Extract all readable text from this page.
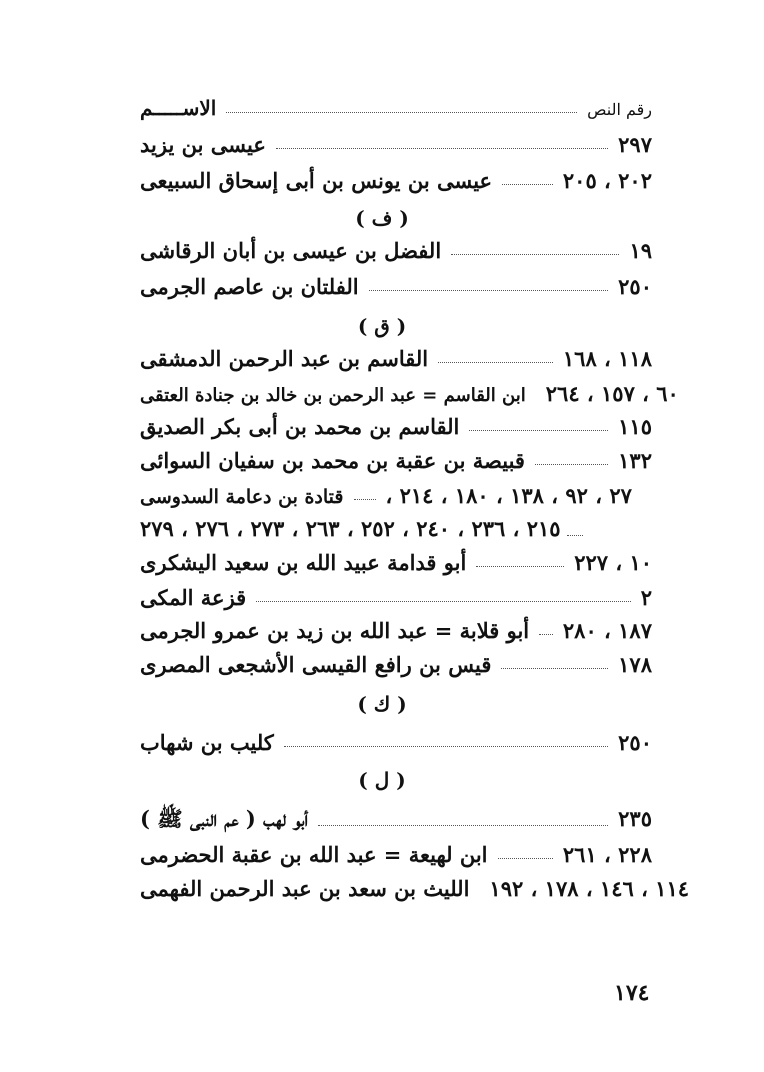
الاســـــم	رقم النص
عيسى بن يزيد	٢٩٧
عيسى بن يونس بن أبى إسحاق السبيعى	٢٠٢ ، ٢٠٥
( ف )
الفضل بن عيسى بن أبان الرقاشى	١٩
الفلتان بن عاصم الجرمى	٢٥٠
( ق )
القاسم بن عبد الرحمن الدمشقى	١١٨ ، ١٦٨
ابن القاسم = عبد الرحمن بن خالد بن جنادة العتقى ٦٠ ، ١٥٧ ، ٢٦٤
القاسم بن محمد بن أبى بكر الصديق	١١٥
قبيصة بن عقبة بن محمد بن سفيان السوائى	١٣٢
قتادة بن دعامة السدوسى ٢٧ ، ٩٢ ، ١٣٨ ، ١٨٠ ، ٢١٤ ،
٢١٥ ، ٢٣٦ ، ٢٤٠ ، ٢٥٢ ، ٢٦٣ ، ٢٧٣ ، ٢٧٦ ، ٢٧٩
أبو قدامة عبيد الله بن سعيد اليشكرى	١٠ ، ٢٢٧
قزعة المكى	٢
أبو قلابة = عبد الله بن زيد بن عمرو الجرمى ١٨٧ ، ٢٨٠
قيس بن رافع القيسى الأشجعى المصرى	١٧٨
( ك )
كليب بن شهاب	٢٥٠
( ل )
أبو لهب ( عم النبى ﷺ )	٢٣٥
ابن لهيعة = عبد الله بن عقبة الحضرمى	٢٢٨ ، ٢٦١
الليث بن سعد بن عبد الرحمن الفهمى ١١٤ ، ١٤٦ ، ١٧٨ ، ١٩٢
١٧٤
